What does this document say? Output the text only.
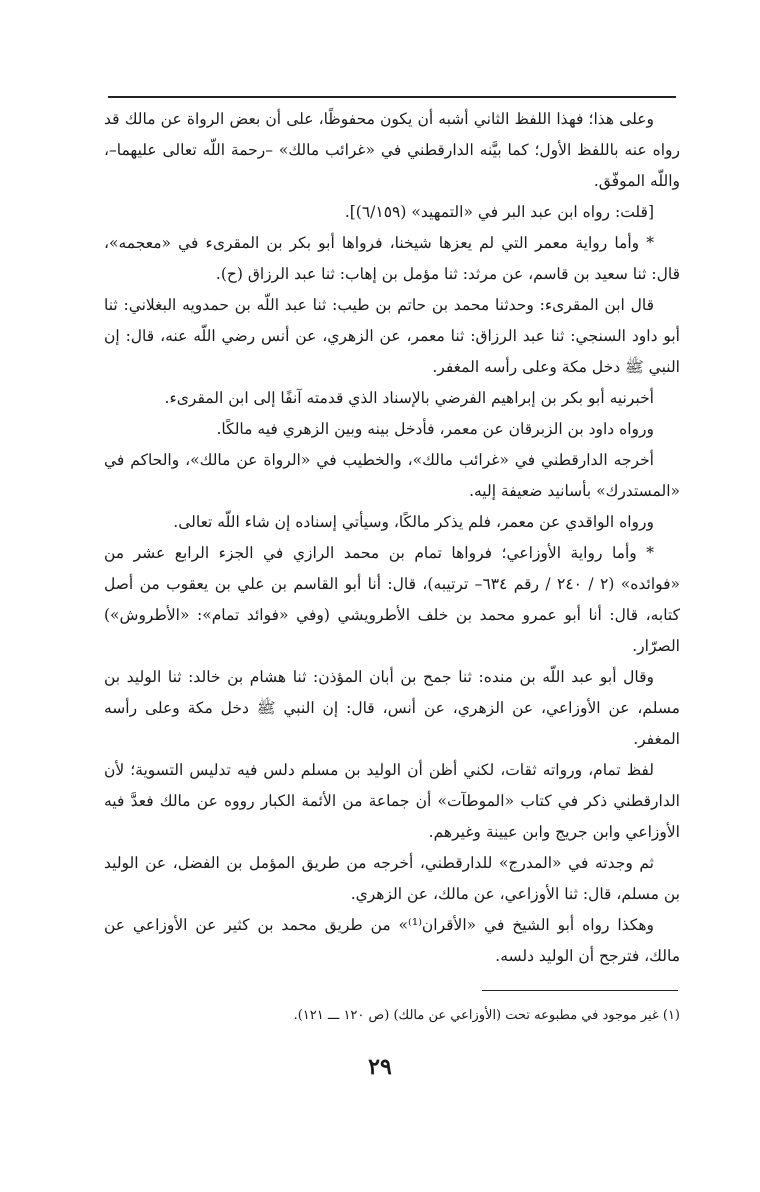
وعلى هذا؛ فهذا اللفظ الثاني أشبه أن يكون محفوظًا، على أن بعض الرواة عن مالك قد رواه عنه باللفظ الأول؛ كما بيَّنه الدارقطني في «غرائب مالك» –رحمة اللّه تعالى عليهما–، واللّه الموفّق.

[قلت: رواه ابن عبد البر في «التمهيد» (٦/١٥٩)].

* وأما رواية معمر التي لم يعزها شيخنا، فرواها أبو بكر بن المقرىء في «معجمه»، قال: ثنا سعيد بن قاسم، عن مرثد: ثنا مؤمل بن إهاب: ثنا عبد الرزاق (ح).

قال ابن المقرىء: وحدثنا محمد بن حاتم بن طيب: ثنا عبد اللّه بن حمدويه البغلاني: ثنا أبو داود السنجي: ثنا عبد الرزاق: ثنا معمر، عن الزهري، عن أنس رضي اللّه عنه، قال: إن النبي ﷺ دخل مكة وعلى رأسه المغفر.

أخبرنيه أبو بكر بن إبراهيم الفرضي بالإسناد الذي قدمته آنفًا إلى ابن المقرىء.

ورواه داود بن الزبرقان عن معمر، فأدخل بينه وبين الزهري فيه مالكًا.

أخرجه الدارقطني في «غرائب مالك»، والخطيب في «الرواة عن مالك»، والحاكم في «المستدرك» بأسانيد ضعيفة إليه.

ورواه الواقدي عن معمر، فلم يذكر مالكًا، وسيأتي إسناده إن شاء اللّه تعالى.

* وأما رواية الأوزاعي؛ فرواها تمام بن محمد الرازي في الجزء الرابع عشر من «فوائده» (٢ / ٢٤٠ / رقم ٦٣٤– ترتيبه)، قال: أنا أبو القاسم بن علي بن يعقوب من أصل كتابه، قال: أنا أبو عمرو محمد بن خلف الأطرويشي (وفي «فوائد تمام»: «الأطروش») الصرّار.

وقال أبو عبد اللّه بن منده: ثنا جمح بن أبان المؤذن: ثنا هشام بن خالد: ثنا الوليد بن مسلم، عن الأوزاعي، عن الزهري، عن أنس، قال: إن النبي ﷺ دخل مكة وعلى رأسه المغفر.

لفظ تمام، ورواته ثقات، لكني أظن أن الوليد بن مسلم دلس فيه تدليس التسوية؛ لأن الدارقطني ذكر في كتاب «الموطآت» أن جماعة من الأئمة الكبار رووه عن مالك فعدَّ فيه الأوزاعي وابن جريج وابن عيينة وغيرهم.

ثم وجدته في «المدرج» للدارقطني، أخرجه من طريق المؤمل بن الفضل، عن الوليد بن مسلم، قال: ثنا الأوزاعي، عن مالك، عن الزهري.

وهكذا رواه أبو الشيخ في «الأقران⁽¹⁾» من طريق محمد بن كثير عن الأوزاعي عن مالك، فترجح أن الوليد دلسه.

(١) غير موجود في مطبوعه تحت (الأوزاعي عن مالك) (ص ١٢٠ ـــ ١٢١).
٢٩
